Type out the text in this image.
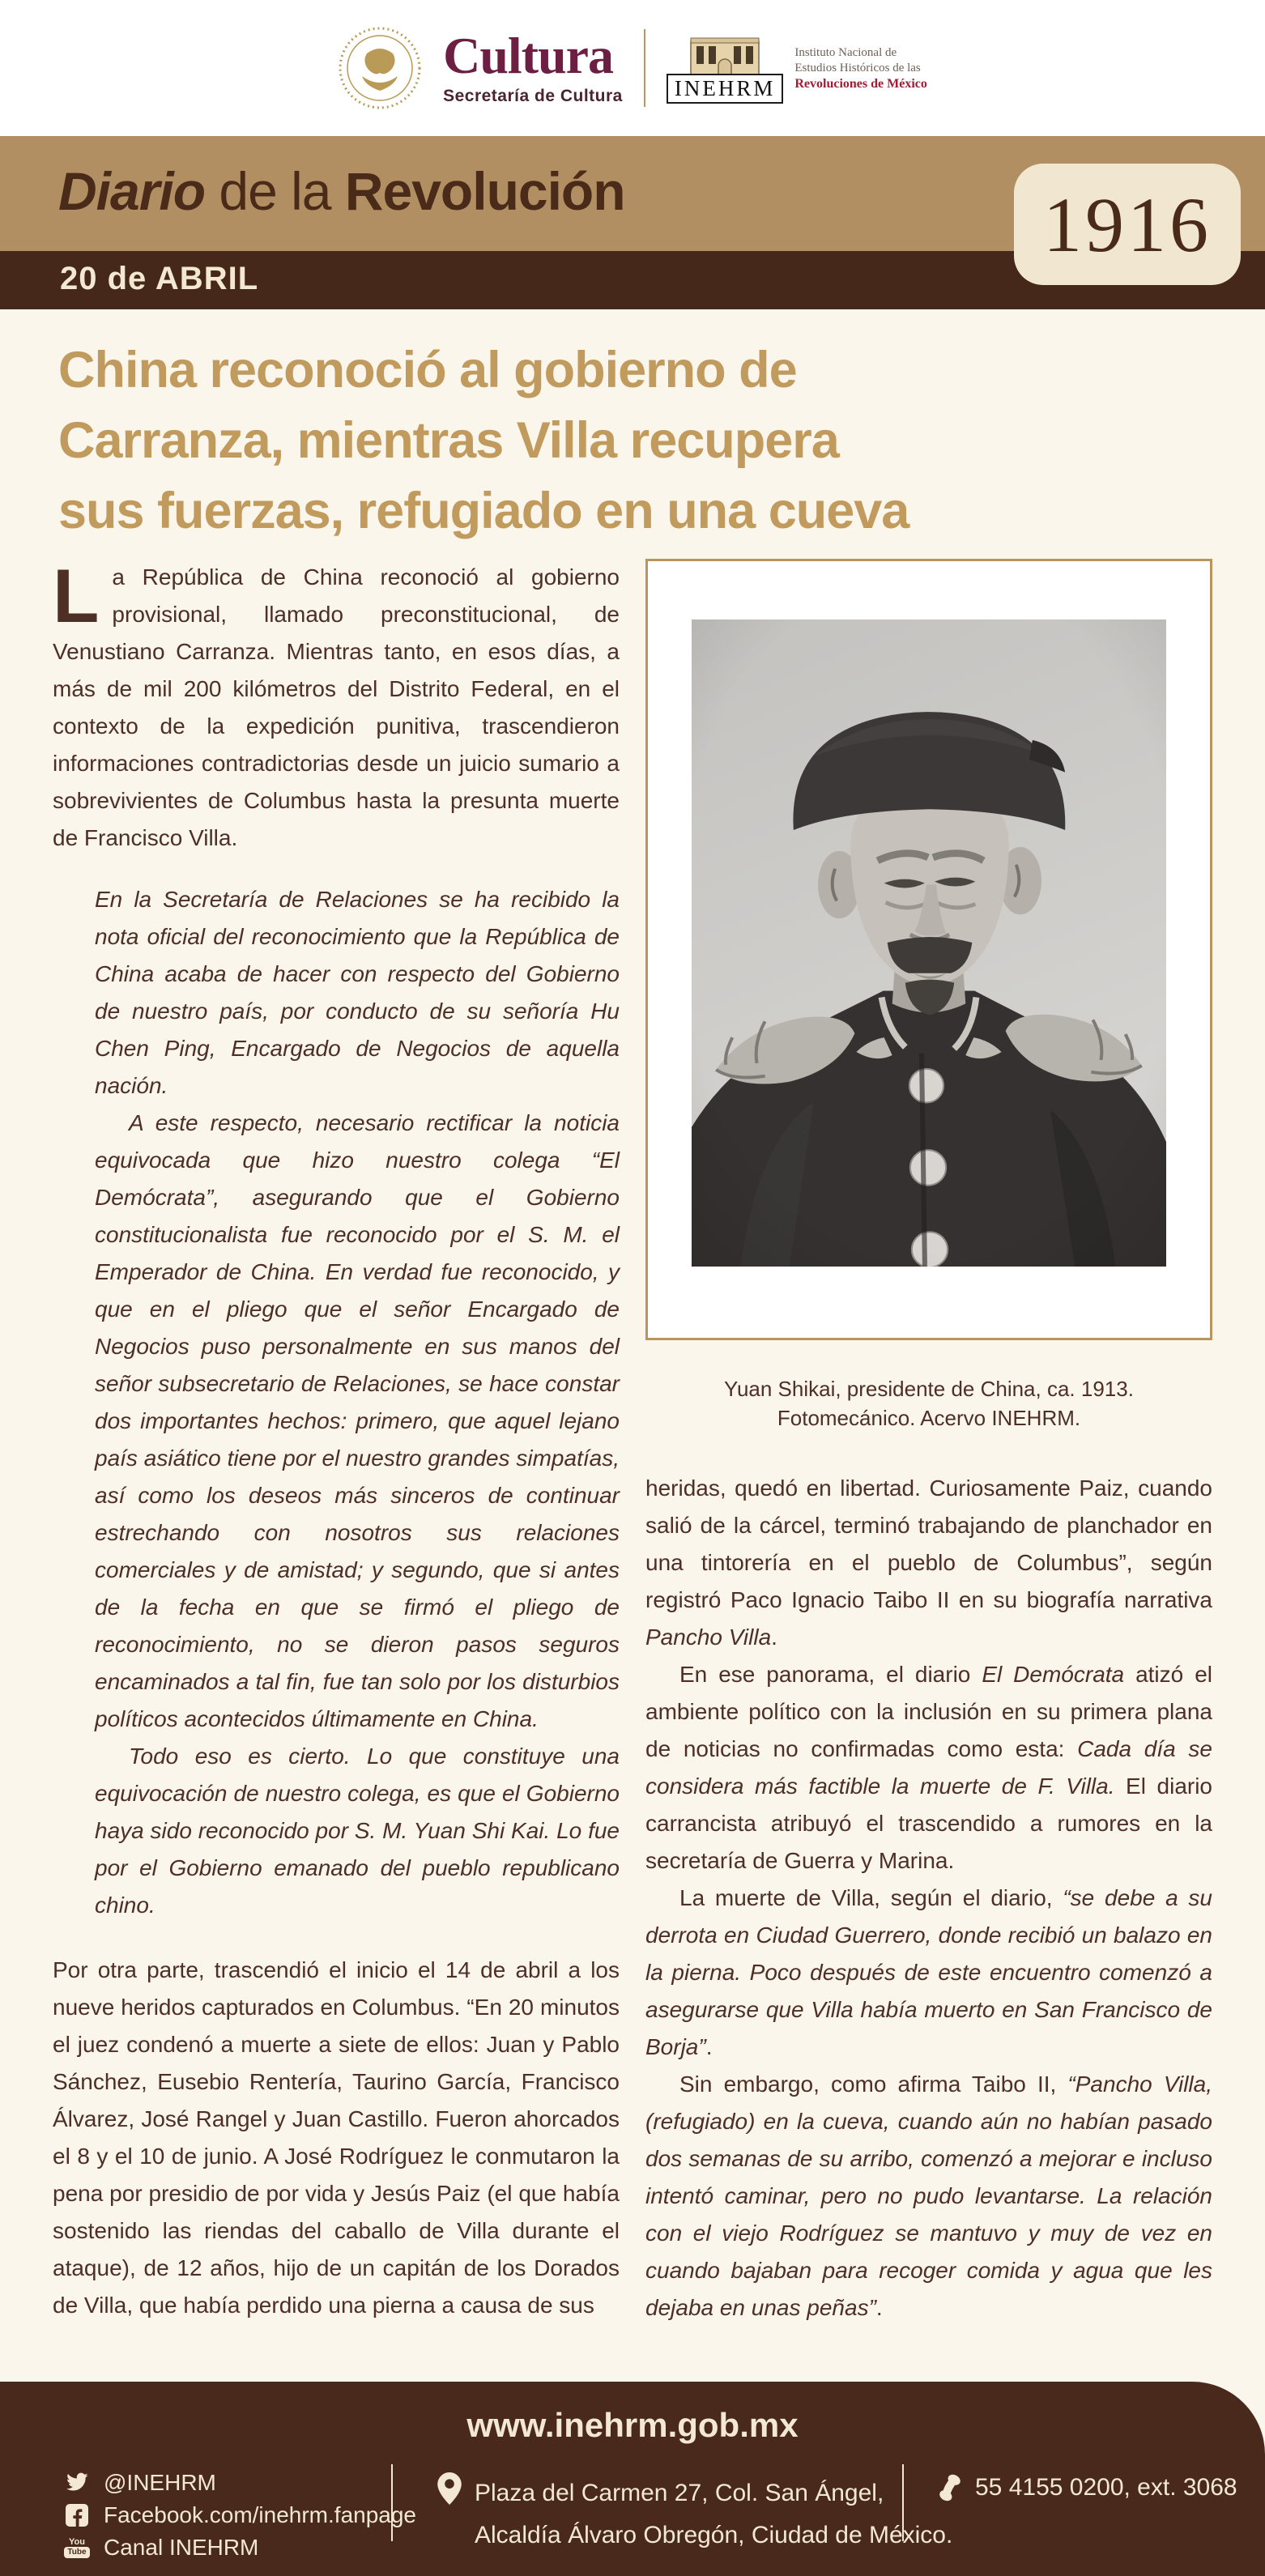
Cultura
Secretaría de Cultura	INEHRM
Instituto Nacional de
Estudios Históricos de las
Revoluciones de México
Diario de la Revolución
20 de ABRIL
1916
China reconoció al gobierno de
Carranza, mientras Villa recupera
sus fuerzas, refugiado en una cueva

La República de China reconoció al gobierno provisional, llamado preconstitucional, de Venustiano Carranza. Mientras tanto, en esos días, a más de mil 200 kilómetros del Distrito Federal, en el contexto de la expedición punitiva, trascendieron informaciones contradictorias desde un juicio sumario a sobrevivientes de Columbus hasta la presunta muerte de Francisco Villa.

En la Secretaría de Relaciones se ha recibido la nota oficial del reconocimiento que la República de China acaba de hacer con respecto del Gobierno de nuestro país, por conducto de su señoría Hu Chen Ping, Encargado de Negocios de aquella nación.

A este respecto, necesario rectificar la noticia equivocada que hizo nuestro colega “El Demócrata”, asegurando que el Gobierno constitucionalista fue reconocido por el S. M. el Emperador de China. En verdad fue reconocido, y que en el pliego que el señor Encargado de Negocios puso personalmente en sus manos del señor subsecretario de Relaciones, se hace constar dos importantes hechos: primero, que aquel lejano país asiático tiene por el nuestro grandes simpatías, así como los deseos más sinceros de continuar estrechando con nosotros sus relaciones comerciales y de amistad; y segundo, que si antes de la fecha en que se firmó el pliego de reconocimiento, no se dieron pasos seguros encaminados a tal fin, fue tan solo por los disturbios políticos acontecidos últimamente en China.

Todo eso es cierto. Lo que constituye una equivocación de nuestro colega, es que el Gobierno haya sido reconocido por S. M. Yuan Shi Kai. Lo fue por el Gobierno emanado del pueblo republicano chino.

Por otra parte, trascendió el inicio el 14 de abril a los nueve heridos capturados en Columbus. “En 20 minutos el juez condenó a muerte a siete de ellos: Juan y Pablo Sánchez, Eusebio Rentería, Taurino García, Francisco Álvarez, José Rangel y Juan Castillo. Fueron ahorcados el 8 y el 10 de junio. A José Rodríguez le conmutaron la pena por presidio de por vida y Jesús Paiz (el que había sostenido las riendas del caballo de Villa durante el ataque), de 12 años, hijo de un capitán de los Dorados de Villa, que había perdido una pierna a causa de sus

Yuan Shikai, presidente de China, ca. 1913.
Fotomecánico. Acervo INEHRM.

heridas, quedó en libertad. Curiosamente Paiz, cuando salió de la cárcel, terminó trabajando de planchador en una tintorería en el pueblo de Columbus”, según registró Paco Ignacio Taibo II en su biografía narrativa Pancho Villa.

En ese panorama, el diario El Demócrata atizó el ambiente político con la inclusión en su primera plana de noticias no confirmadas como esta: Cada día se considera más factible la muerte de F. Villa. El diario carrancista atribuyó el trascendido a rumores en la secretaría de Guerra y Marina.

La muerte de Villa, según el diario, “se debe a su derrota en Ciudad Guerrero, donde recibió un balazo en la pierna. Poco después de este encuentro comenzó a asegurarse que Villa había muerto en San Francisco de Borja”.

Sin embargo, como afirma Taibo II, “Pancho Villa, (refugiado) en la cueva, cuando aún no habían pasado dos semanas de su arribo, comenzó a mejorar e incluso intentó caminar, pero no pudo levantarse. La relación con el viejo Rodríguez se mantuvo y muy de vez en cuando bajaban para recoger comida y agua que les dejaba en unas peñas”.

www.inehrm.gob.mx
@INEHRM
Facebook.com/inehrm.fanpage
You
Tube Canal INEHRM
Plaza del Carmen 27, Col. San Ángel,
Alcaldía Álvaro Obregón, Ciudad de México.
55 4155 0200, ext. 3068
